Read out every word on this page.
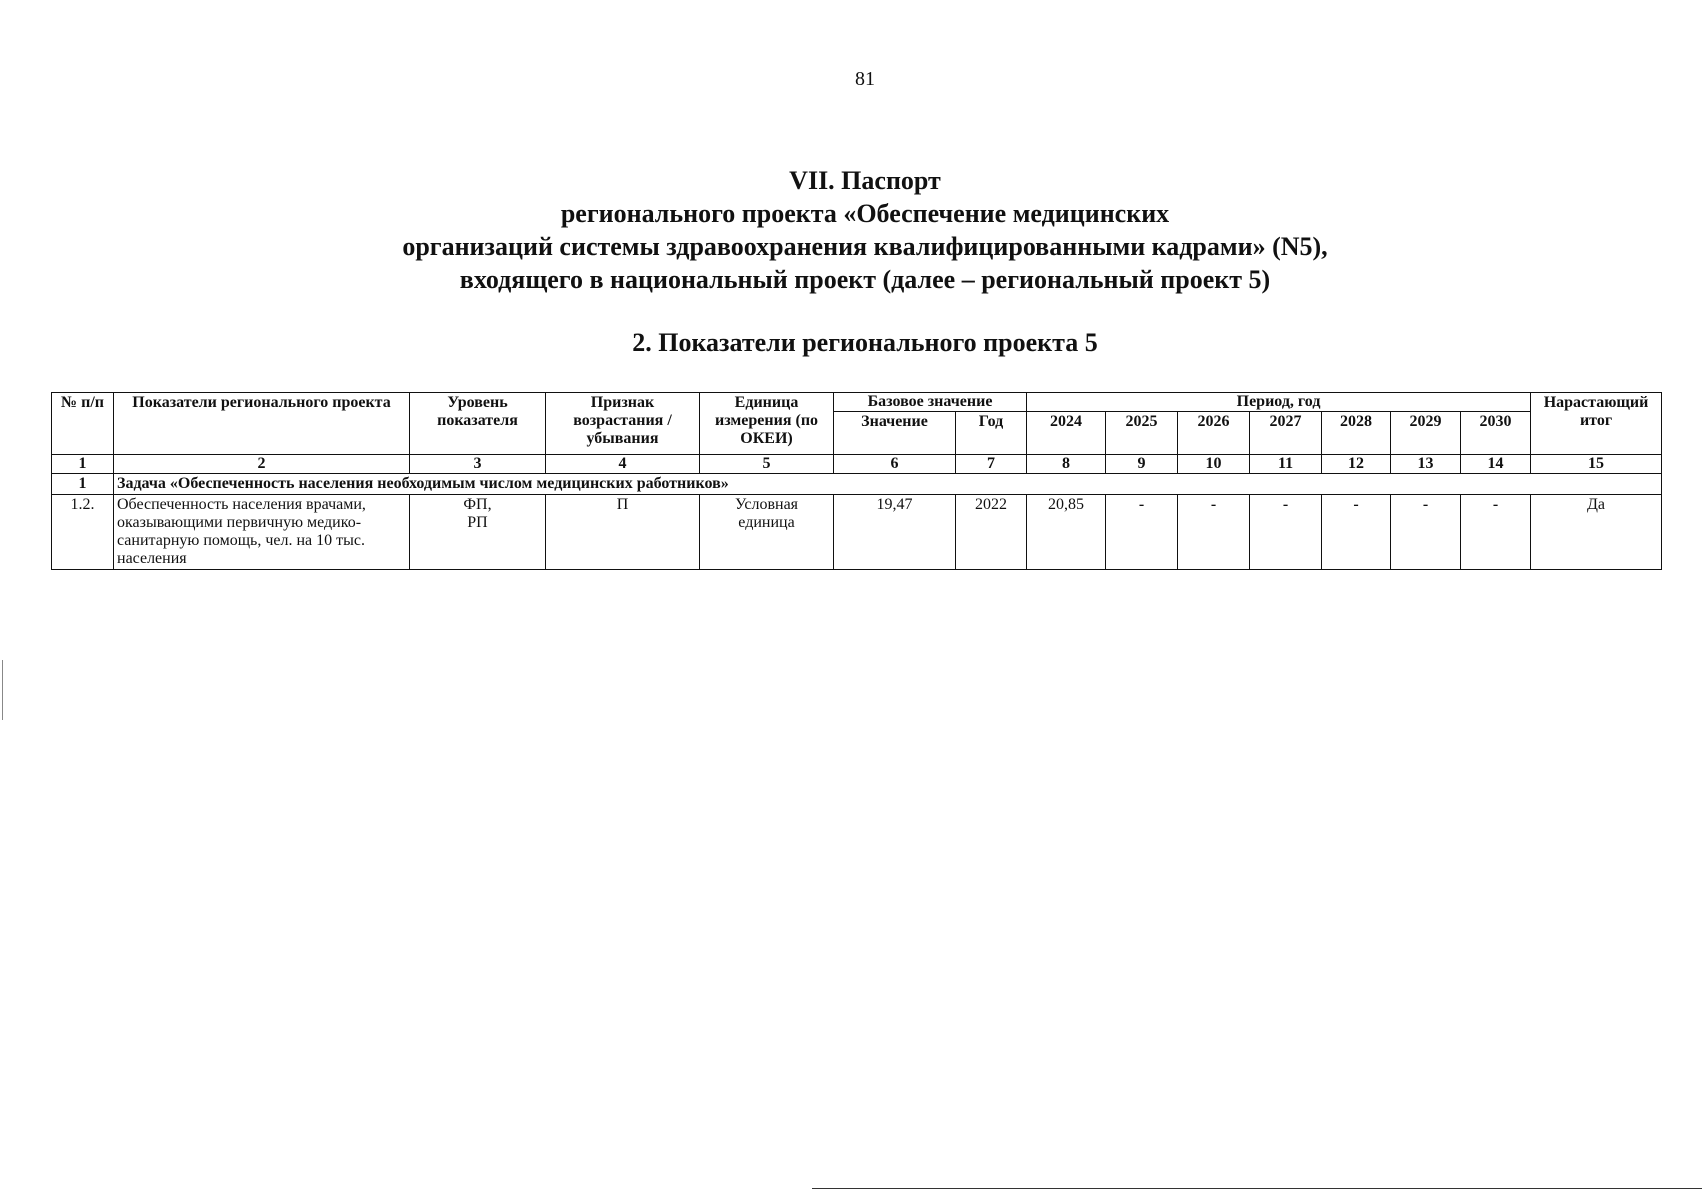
81
VII. Паспорт
регионального проекта «Обеспечение медицинских
организаций системы здравоохранения квалифицированными кадрами» (N5),
входящего в национальный проект (далее – региональный проект 5)
2. Показатели регионального проекта 5
№ п/п	Показатели регионального проекта	Уровень показателя	Признак возрастания / убывания	Единица измерения (по ОКЕИ)	Базовое значение		Период, год							Нарастающий итог
					Значение	Год	2024	2025	2026	2027	2028	2029	2030	
1	2	3	4	5	6	7	8	9	10	11	12	13	14	15
1	Задача «Обеспеченность населения необходимым числом медицинских работников»													
1.2.	Обеспеченность населения врачами, оказывающими первичную медико-санитарную помощь, чел. на 10 тыс. населения	ФП, РП	П	Условная единица	19,47	2022	20,85	-	-	-	-	-	-	Да
